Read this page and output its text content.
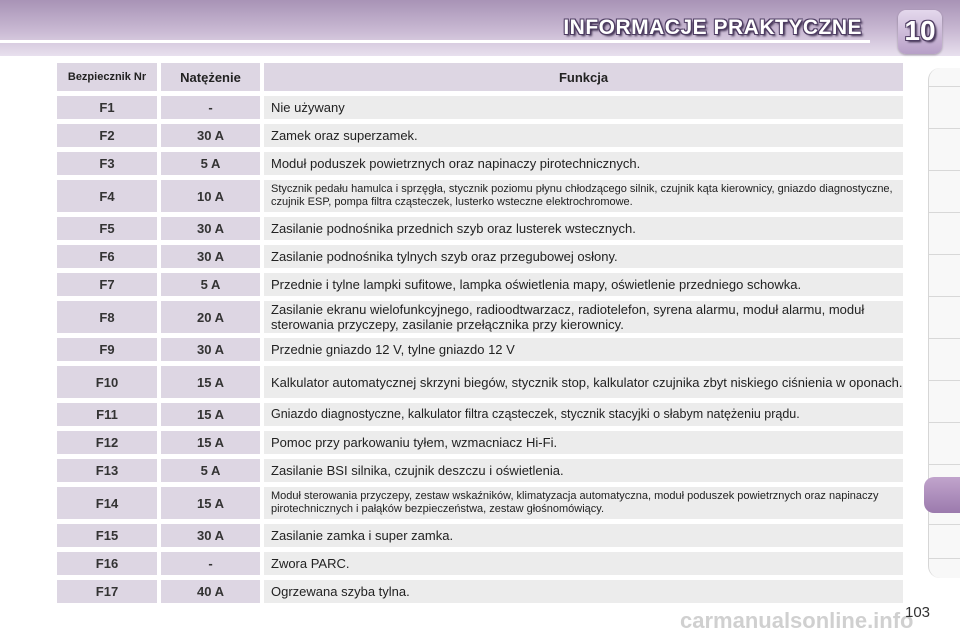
INFORMACJE PRAKTYCZNE 10
Bezpiecznik Nr	Natężenie	Funkcja
F1	-	Nie używany
F2	30 A	Zamek oraz superzamek.
F3	5 A	Moduł poduszek powietrznych oraz napinaczy pirotechnicznych.
F4	10 A	Stycznik pedału hamulca i sprzęgła, stycznik poziomu płynu chłodzącego silnik, czujnik kąta kierownicy, gniazdo diagnostyczne, czujnik ESP, pompa filtra cząsteczek, lusterko wsteczne elektrochromowe.
F5	30 A	Zasilanie podnośnika przednich szyb oraz lusterek wstecznych.
F6	30 A	Zasilanie podnośnika tylnych szyb oraz przegubowej osłony.
F7	5 A	Przednie i tylne lampki sufitowe, lampka oświetlenia mapy, oświetlenie przedniego schowka.
F8	20 A	Zasilanie ekranu wielofunkcyjnego, radioodtwarzacz, radiotelefon, syrena alarmu, moduł alarmu, moduł sterowania przyczepy, zasilanie przełącznika przy kierownicy.
F9	30 A	Przednie gniazdo 12 V, tylne gniazdo 12 V
F10	15 A	Kalkulator automatycznej skrzyni biegów, stycznik stop, kalkulator czujnika zbyt niskiego ciśnienia w oponach.
F11	15 A	Gniazdo diagnostyczne, kalkulator filtra cząsteczek, stycznik stacyjki o słabym natężeniu prądu.
F12	15 A	Pomoc przy parkowaniu tyłem, wzmacniacz Hi-Fi.
F13	5 A	Zasilanie BSI silnika, czujnik deszczu i oświetlenia.
F14	15 A	Moduł sterowania przyczepy, zestaw wskaźników, klimatyzacja automatyczna, moduł poduszek powietrznych oraz napinaczy pirotechnicznych i pałąków bezpieczeństwa, zestaw głośnomówiący.
F15	30 A	Zasilanie zamka i super zamka.
F16	-	Zwora PARC.
F17	40 A	Ogrzewana szyba tylna.
carmanualsonline.info
103
